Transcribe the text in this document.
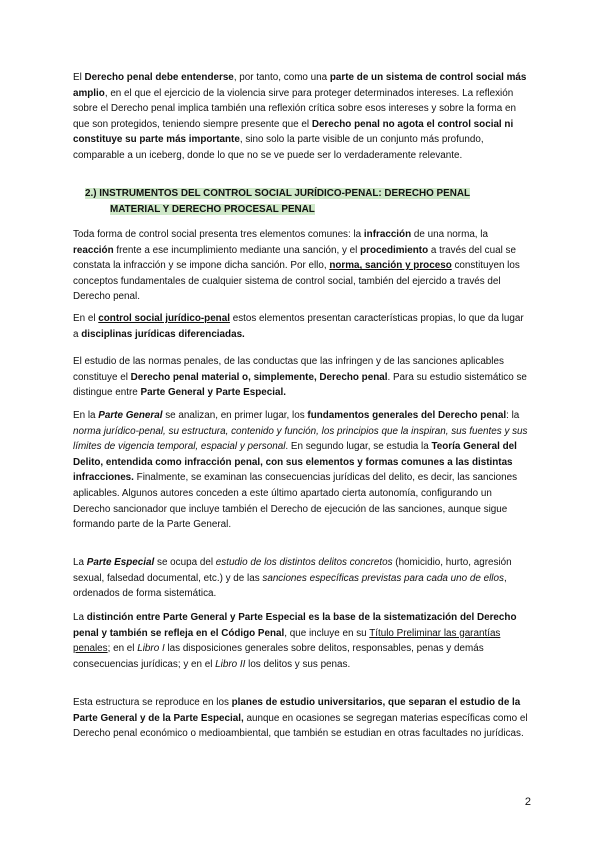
El Derecho penal debe entenderse, por tanto, como una parte de un sistema de control social más amplio, en el que el ejercicio de la violencia sirve para proteger determinados intereses. La reflexión sobre el Derecho penal implica también una reflexión crítica sobre esos intereses y sobre la forma en que son protegidos, teniendo siempre presente que el Derecho penal no agota el control social ni constituye su parte más importante, sino solo la parte visible de un conjunto más profundo, comparable a un iceberg, donde lo que no se ve puede ser lo verdaderamente relevante.

2.) INSTRUMENTOS DEL CONTROL SOCIAL JURÍDICO-PENAL: DERECHO PENAL
MATERIAL Y DERECHO PROCESAL PENAL

Toda forma de control social presenta tres elementos comunes: la infracción de una norma, la reacción frente a ese incumplimiento mediante una sanción, y el procedimiento a través del cual se constata la infracción y se impone dicha sanción. Por ello, norma, sanción y proceso constituyen los conceptos fundamentales de cualquier sistema de control social, también del ejercido a través del Derecho penal.

En el control social jurídico-penal estos elementos presentan características propias, lo que da lugar a disciplinas jurídicas diferenciadas.

El estudio de las normas penales, de las conductas que las infringen y de las sanciones aplicables constituye el Derecho penal material o, simplemente, Derecho penal. Para su estudio sistemático se distingue entre Parte General y Parte Especial.

En la Parte General se analizan, en primer lugar, los fundamentos generales del Derecho penal: la norma jurídico-penal, su estructura, contenido y función, los principios que la inspiran, sus fuentes y sus límites de vigencia temporal, espacial y personal. En segundo lugar, se estudia la Teoría General del Delito, entendida como infracción penal, con sus elementos y formas comunes a las distintas infracciones. Finalmente, se examinan las consecuencias jurídicas del delito, es decir, las sanciones aplicables. Algunos autores conceden a este último apartado cierta autonomía, configurando un Derecho sancionador que incluye también el Derecho de ejecución de las sanciones, aunque sigue formando parte de la Parte General.

La Parte Especial se ocupa del estudio de los distintos delitos concretos (homicidio, hurto, agresión sexual, falsedad documental, etc.) y de las sanciones específicas previstas para cada uno de ellos, ordenados de forma sistemática.

La distinción entre Parte General y Parte Especial es la base de la sistematización del Derecho penal y también se refleja en el Código Penal, que incluye en su Título Preliminar las garantías penales; en el Libro I las disposiciones generales sobre delitos, responsables, penas y demás consecuencias jurídicas; y en el Libro II los delitos y sus penas.

Esta estructura se reproduce en los planes de estudio universitarios, que separan el estudio de la Parte General y de la Parte Especial, aunque en ocasiones se segregan materias específicas como el Derecho penal económico o medioambiental, que también se estudian en otras facultades no jurídicas.

2
